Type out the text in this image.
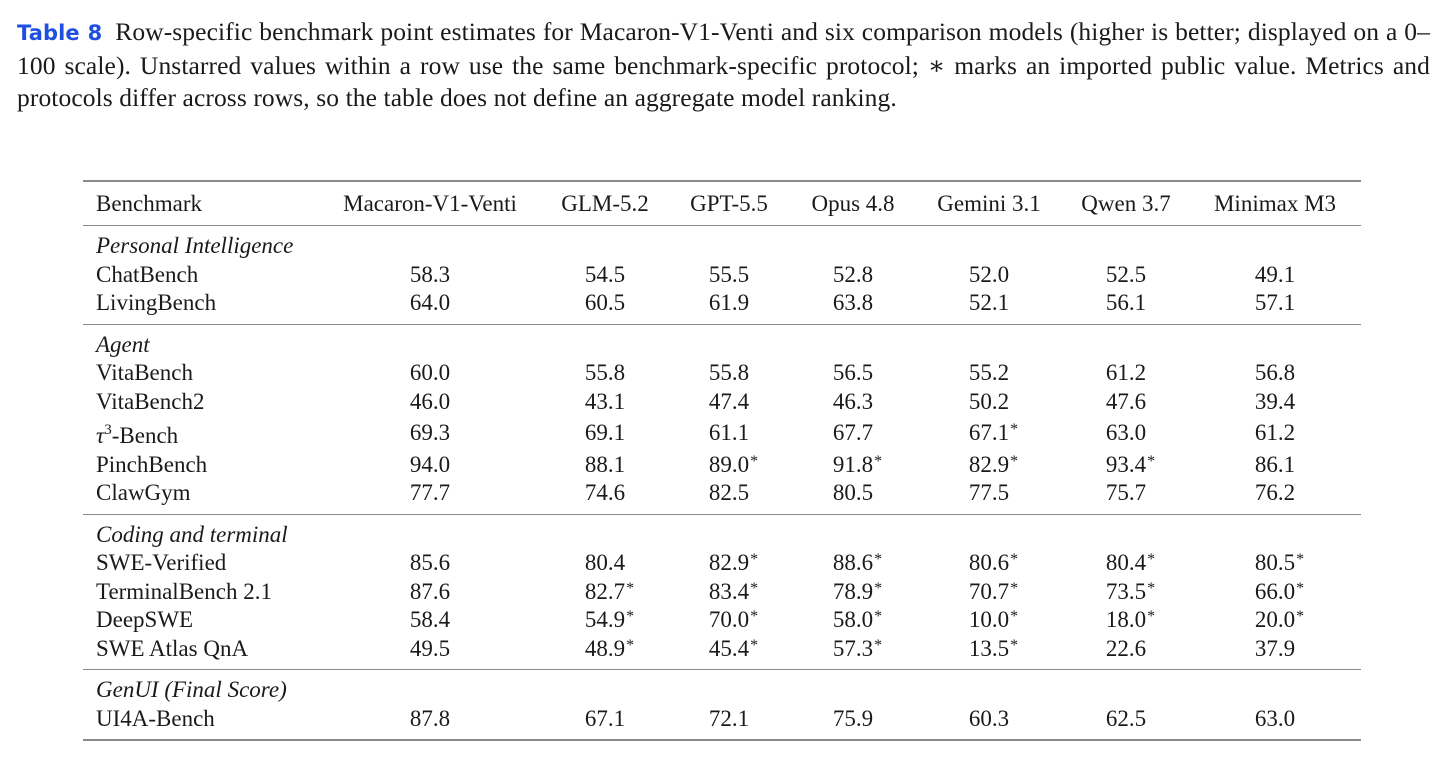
Table 8 Row-specific benchmark point estimates for Macaron-V1-Venti and six comparison models (higher is better; displayed on a 0–100 scale). Unstarred values within a row use the same benchmark-specific protocol; ∗ marks an imported public value. Metrics and protocols differ across rows, so the table does not define an aggregate model ranking.
Benchmark	Macaron-V1-Venti	GLM-5.2	GPT-5.5	Opus 4.8	Gemini 3.1	Qwen 3.7	Minimax M3
Personal Intelligence							
ChatBench	58.3	54.5	55.5	52.8	52.0	52.5	49.1
LivingBench	64.0	60.5	61.9	63.8	52.1	56.1	57.1
Agent							
VitaBench	60.0	55.8	55.8	56.5	55.2	61.2	56.8
VitaBench2	46.0	43.1	47.4	46.3	50.2	47.6	39.4
$\tau^3$-Bench	69.3	69.1	61.1	67.7	67.1 *	63.0	61.2
PinchBench	94.0	88.1	89.0 *	91.8 *	82.9 *	93.4 *	86.1
ClawGym	77.7	74.6	82.5	80.5	77.5	75.7	76.2
Coding and terminal							
SWE-Verified	85.6	80.4	82.9 *	88.6 *	80.6 *	80.4 *	80.5 *

TerminalBench 2.1	87.6	82.7 *	83.4 *	78.9 *	70.7 *	73.5 *	66.0 *

DeepSWE	58.4	54.9 *	70.0 *	58.0 *	10.0 *	18.0 *	20.0 *

SWE Atlas QnA	49.5	48.9 *	45.4 *	57.3 *	13.5 *	22.6	37.9
GenUI (Final Score)							
UI4A-Bench	87.8	67.1	72.1	75.9	60.3	62.5	63.0
